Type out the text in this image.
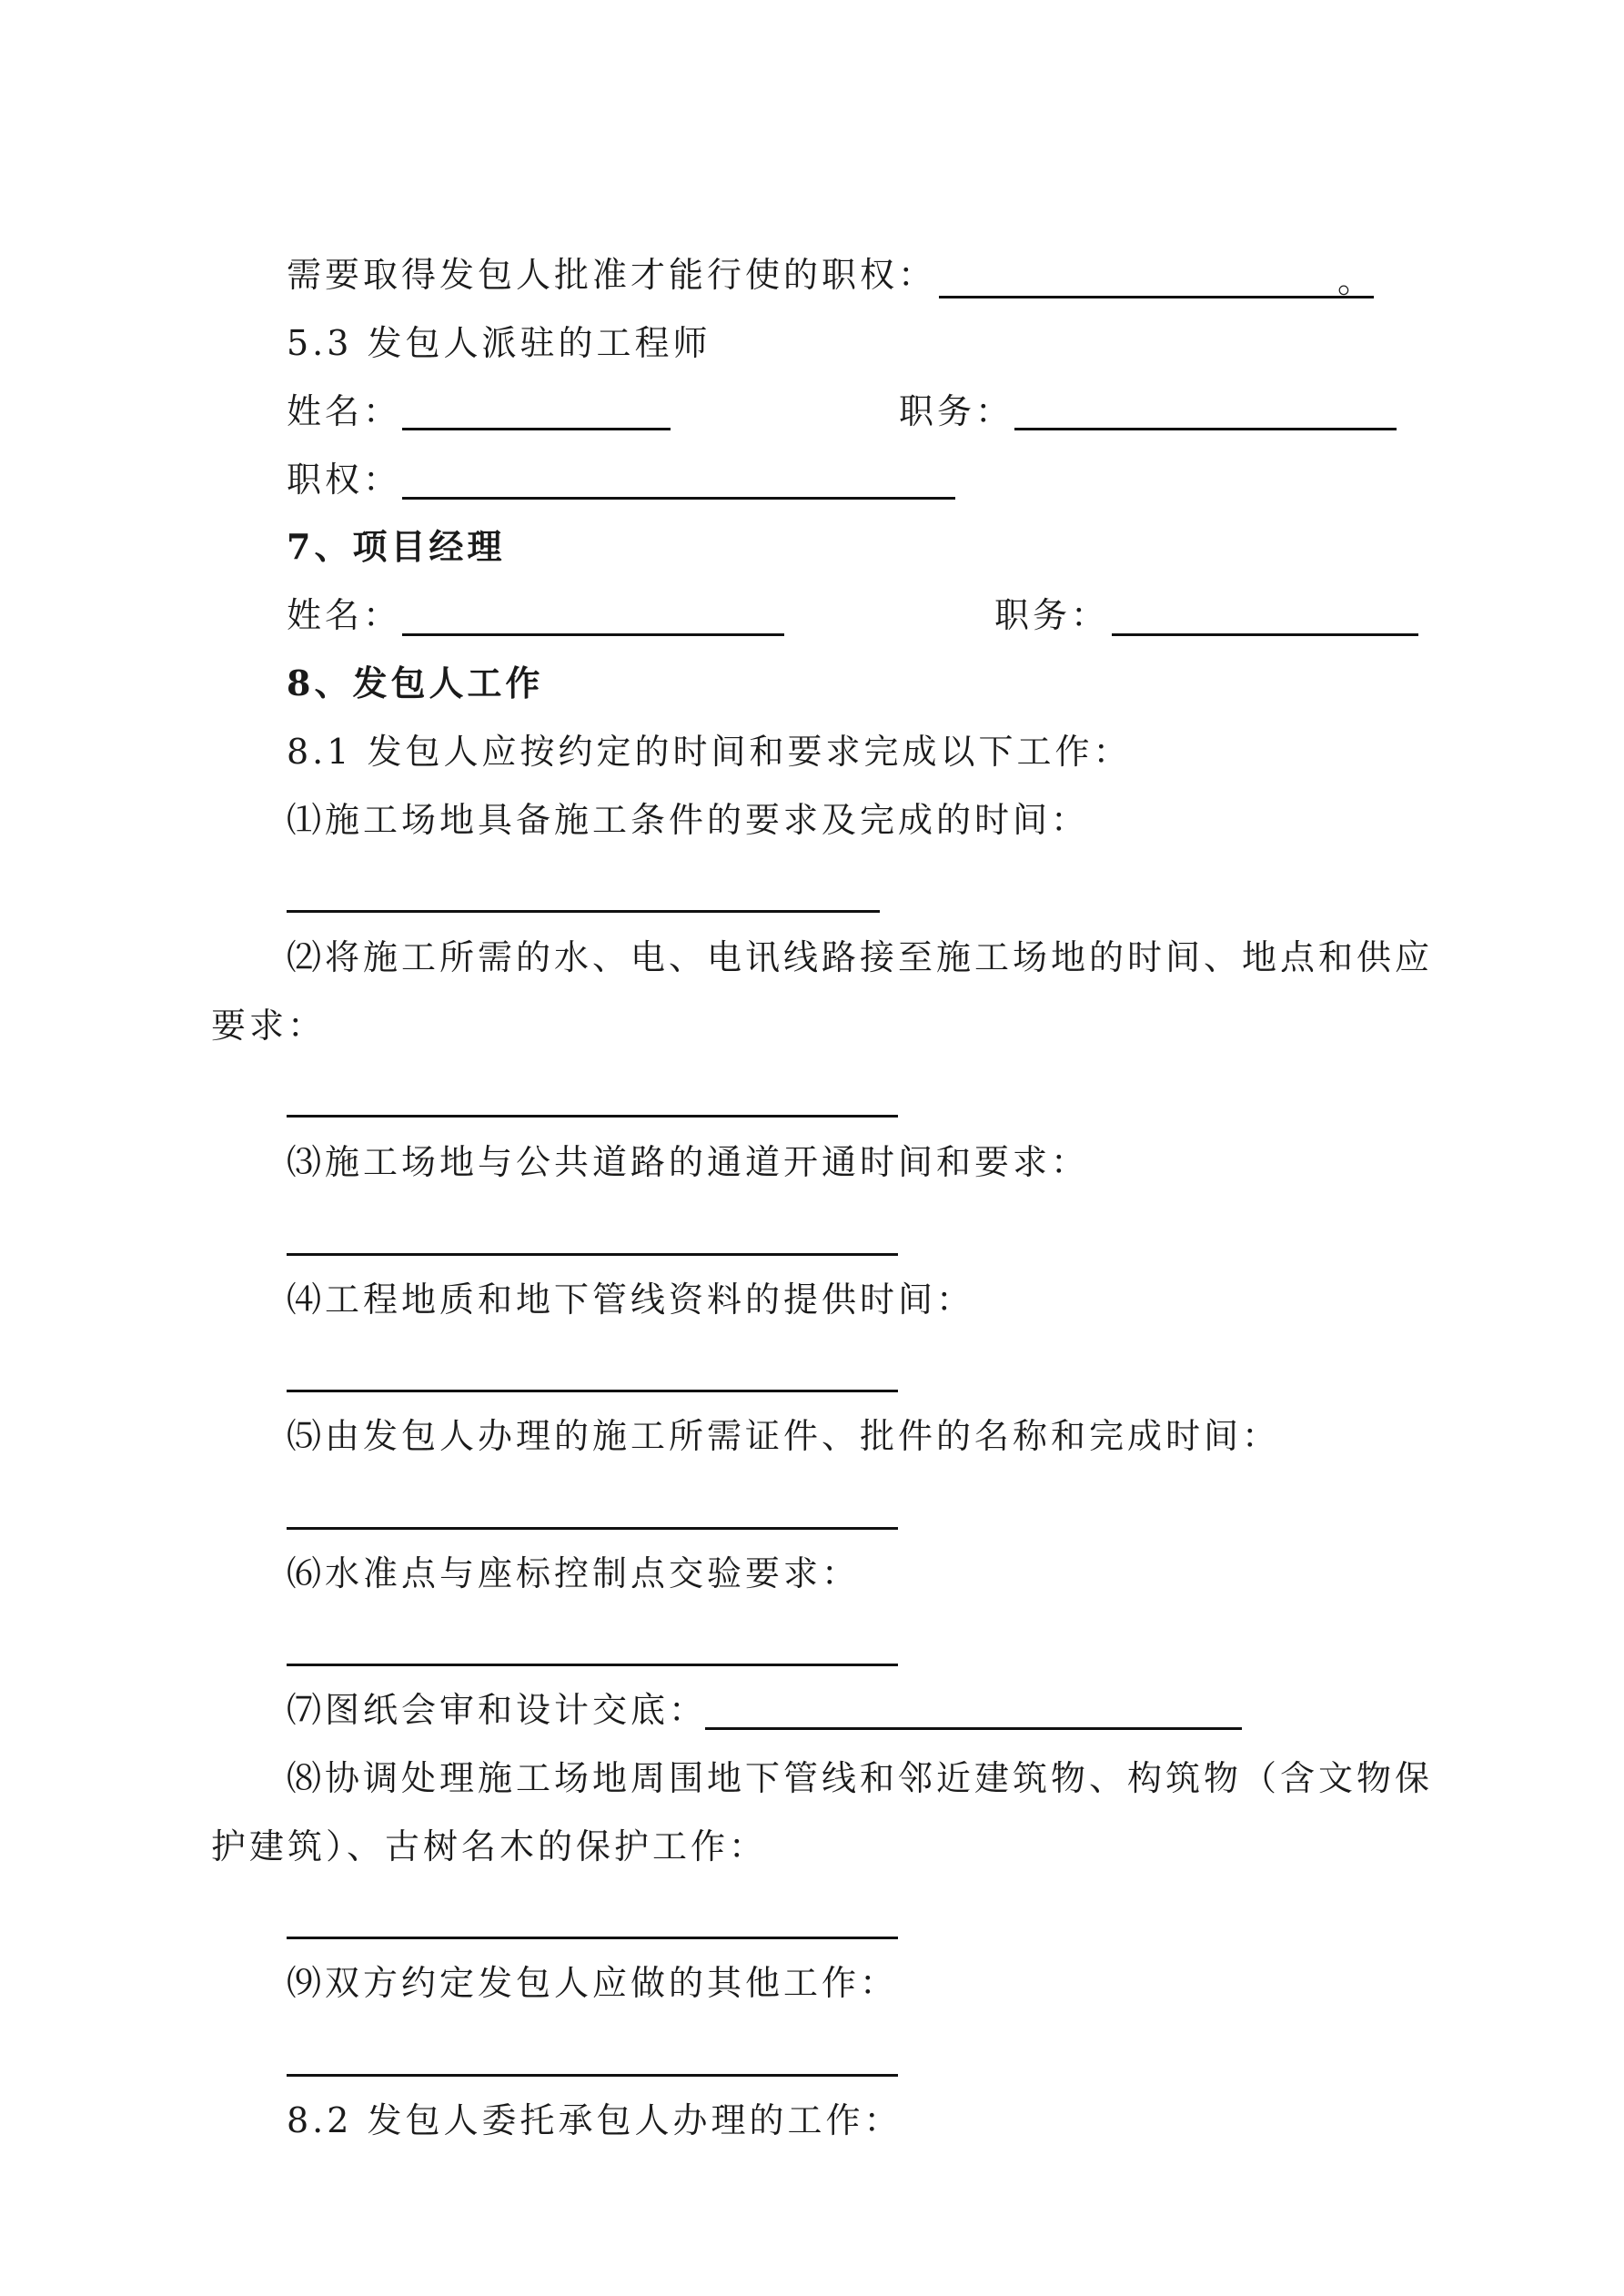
需要取得发包人批准才能行使的职权：	。
5.3 发包人派驻的工程师
姓名：	职务：
职权：
7、项目经理
姓名：	职务：
8、发包人工作
8.1 发包人应按约定的时间和要求完成以下工作：
⑴施工场地具备施工条件的要求及完成的时间：
⑵将施工所需的水、电、电讯线路接至施工场地的时间、地点和供应
要求：
⑶施工场地与公共道路的通道开通时间和要求：
⑷工程地质和地下管线资料的提供时间：
⑸由发包人办理的施工所需证件、批件的名称和完成时间：
⑹水准点与座标控制点交验要求：
⑺图纸会审和设计交底：
⑻协调处理施工场地周围地下管线和邻近建筑物、构筑物（含文物保
护建筑）、古树名木的保护工作：
⑼双方约定发包人应做的其他工作：
8.2 发包人委托承包人办理的工作：
